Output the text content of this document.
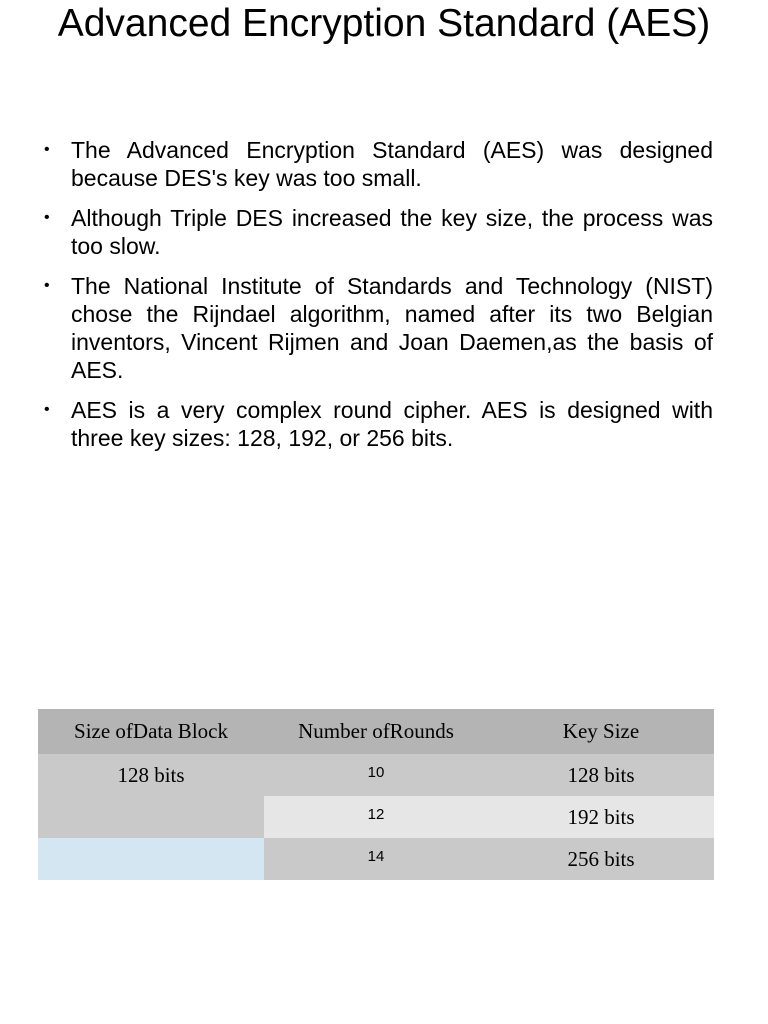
Advanced Encryption Standard (AES)
• The Advanced Encryption Standard (AES) was designed because DES's key was too small.
• Although Triple DES increased the key size, the process was too slow.
• The National Institute of Standards and Technology (NIST) chose the Rijndael algorithm, named after its two Belgian inventors, Vincent Rijmen and Joan Daemen,as the basis of AES.
• AES is a very complex round cipher. AES is designed with three key sizes: 128, 192, or 256 bits.
Size ofData Block	Number ofRounds	Key Size
128 bits	10	128 bits
	12	192 bits
	14	256 bits
